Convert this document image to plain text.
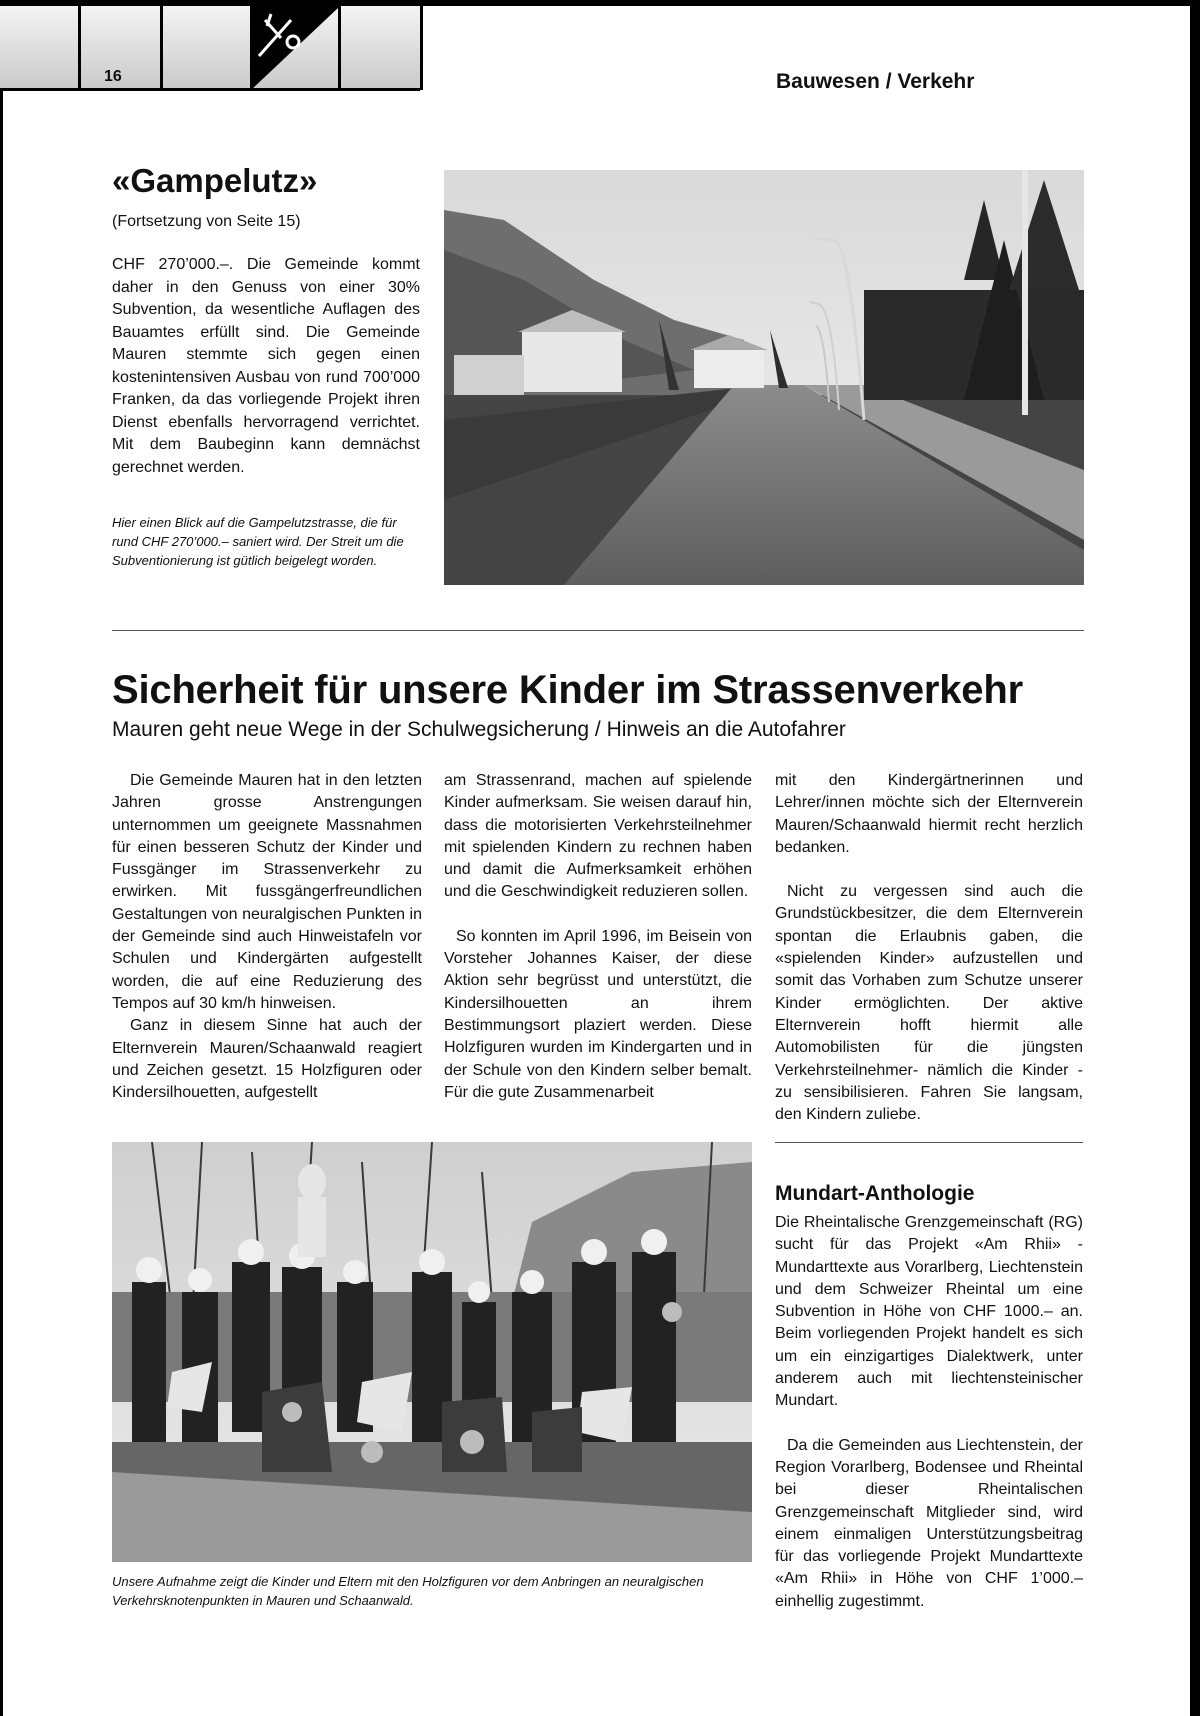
16	Bauwesen / Verkehr
«Gampelutz»
(Fortsetzung von Seite 15)
CHF 270’000.–. Die Gemeinde kommt daher in den Genuss von einer 30% Subvention, da wesentliche Auflagen des Bauamtes erfüllt sind. Die Gemeinde Mauren stemmte sich gegen einen kostenintensiven Ausbau von rund 700’000 Franken, da das vorliegende Projekt ihren Dienst ebenfalls hervorragend verrichtet. Mit dem Baubeginn kann demnächst gerechnet werden.
Hier einen Blick auf die Gampelutzstrasse, die für rund CHF 270’000.– saniert wird. Der Streit um die Subventionierung ist gütlich beigelegt worden.
Sicherheit für unsere Kinder im Strassenverkehr
Mauren geht neue Wege in der Schulwegsicherung / Hinweis an die Autofahrer

Die Gemeinde Mauren hat in den letzten Jahren grosse Anstrengungen unternommen um geeignete Massnahmen für einen besseren Schutz der Kinder und Fussgänger im Strassenverkehr zu erwirken. Mit fussgängerfreundlichen Gestaltungen von neuralgischen Punkten in der Gemeinde sind auch Hinweistafeln vor Schulen und Kindergärten aufgestellt worden, die auf eine Reduzierung des Tempos auf 30 km/h hinweisen.

Ganz in diesem Sinne hat auch der Elternverein Mauren/Schaanwald reagiert und Zeichen gesetzt. 15 Holzfiguren oder Kindersilhouetten, aufgestellt

am Strassenrand, machen auf spielende Kinder aufmerksam. Sie weisen darauf hin, dass die motorisierten Verkehrsteilnehmer mit spielenden Kindern zu rechnen haben und damit die Aufmerksamkeit erhöhen und die Geschwindigkeit reduzieren sollen.

So konnten im April 1996, im Beisein von Vorsteher Johannes Kaiser, der diese Aktion sehr begrüsst und unterstützt, die Kindersilhouetten an ihrem Bestimmungsort plaziert werden. Diese Holzfiguren wurden im Kindergarten und in der Schule von den Kindern selber bemalt. Für die gute Zusammenarbeit

mit den Kindergärtnerinnen und Lehrer/innen möchte sich der Elternverein Mauren/Schaanwald hiermit recht herzlich bedanken.

Nicht zu vergessen sind auch die Grundstückbesitzer, die dem Elternverein spontan die Erlaubnis gaben, die «spielenden Kinder» aufzustellen und somit das Vorhaben zum Schutze unserer Kinder ermöglichten. Der aktive Elternverein hofft hiermit alle Automobilisten für die jüngsten Verkehrsteilnehmer- nämlich die Kinder - zu sensibilisieren. Fahren Sie langsam, den Kindern zuliebe.

Unsere Aufnahme zeigt die Kinder und Eltern mit den Holzfiguren vor dem Anbringen an neuralgischen Verkehrsknotenpunkten in Mauren und Schaanwald.
Mundart-Anthologie

Die Rheintalische Grenzgemeinschaft (RG) sucht für das Projekt «Am Rhii» - Mundarttexte aus Vorarlberg, Liechtenstein und dem Schweizer Rheintal um eine Subvention in Höhe von CHF 1000.– an. Beim vorliegenden Projekt handelt es sich um ein einzigartiges Dialektwerk, unter anderem auch mit liechtensteinischer Mundart.

Da die Gemeinden aus Liechtenstein, der Region Vorarlberg, Bodensee und Rheintal bei dieser Rheintalischen Grenzgemeinschaft Mitglieder sind, wird einem einmaligen Unterstützungsbeitrag für das vorliegende Projekt Mundarttexte «Am Rhii» in Höhe von CHF 1’000.– einhellig zugestimmt.
